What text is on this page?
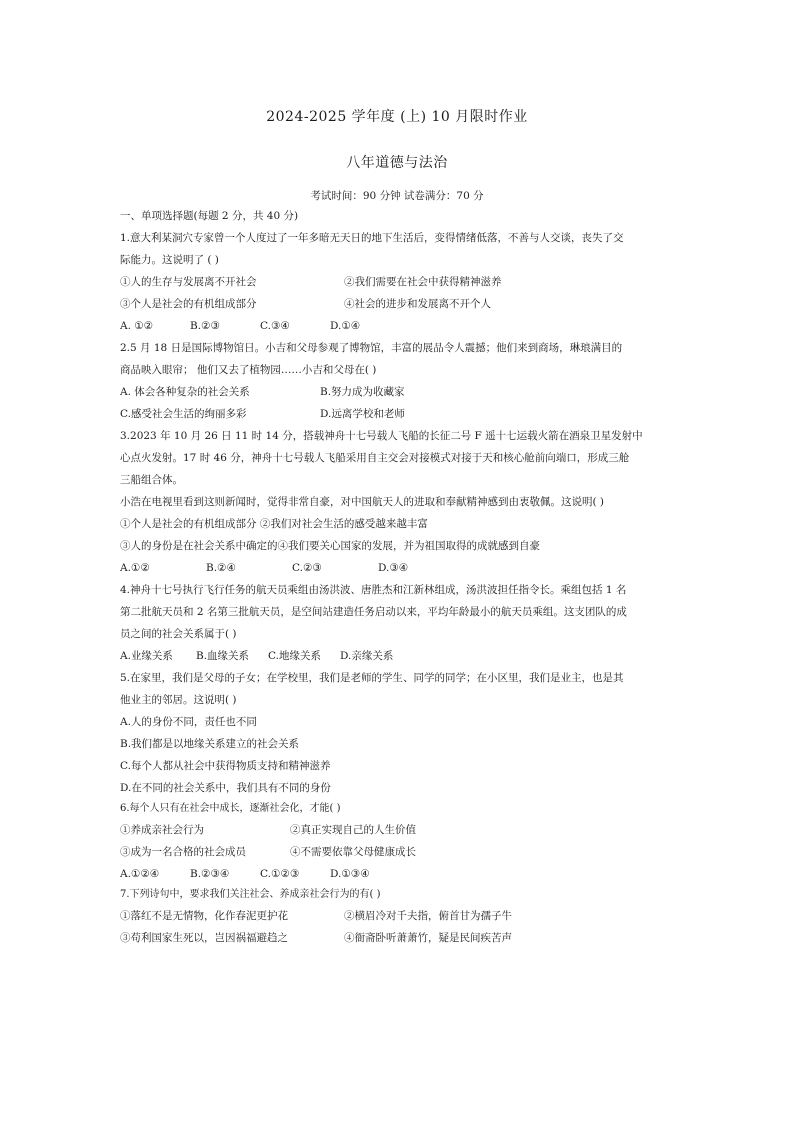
2024-2025 学年度 (上) 10 月限时作业
八年道德与法治
考试时间：90 分钟 试卷满分：70 分

一、单项选择题(每题 2 分，共 40 分)

1.意大利某洞穴专家曾一个人度过了一年多暗无天日的地下生活后，变得情绪低落，不善与人交谈，丧失了交

际能力。这说明了 ( )

①人的生存与发展离不开社会	②我们需要在社会中获得精神滋养

③个人是社会的有机组成部分	④社会的进步和发展离不开个人

A. ①②	B.②③	C.③④	D.①④

2.5 月 18 日是国际博物馆日。小吉和父母参观了博物馆，丰富的展品令人震撼；他们来到商场，琳琅满目的

商品映入眼帘； 他们又去了植物园……小吉和父母在( )

A. 体会各种复杂的社会关系	B.努力成为收藏家

C.感受社会生活的绚丽多彩	D.远离学校和老师

3.2023 年 10 月 26 日 11 时 14 分，搭载神舟十七号载人飞船的长征二号 F 遥十七运载火箭在酒泉卫星发射中

心点火发射。17 时 46 分，神舟十七号载人飞船采用自主交会对接模式对接于天和核心舱前向端口，形成三舱

三船组合体。

小浩在电视里看到这则新闻时，觉得非常自豪，对中国航天人的进取和奉献精神感到由衷敬佩。这说明( )

①个人是社会的有机组成部分 ②我们对社会生活的感受越来越丰富

③人的身份是在社会关系中确定的④我们要关心国家的发展，并为祖国取得的成就感到自豪

A.①②	B.②④	C.②③	D.③④

4.神舟十七号执行飞行任务的航天员乘组由汤洪波、唐胜杰和江新林组成，汤洪波担任指令长。乘组包括 1 名

第二批航天员和 2 名第三批航天员，是空间站建造任务启动以来，平均年龄最小的航天员乘组。这支团队的成

员之间的社会关系属于( )

A.业缘关系	B.血缘关系	C.地缘关系	D.亲缘关系

5.在家里，我们是父母的子女；在学校里，我们是老师的学生、同学的同学；在小区里，我们是业主，也是其

他业主的邻居。这说明( )

A.人的身份不同，责任也不同

B.我们都是以地缘关系建立的社会关系

C.每个人都从社会中获得物质支持和精神滋养

D.在不同的社会关系中，我们具有不同的身份

6.每个人只有在社会中成长，逐渐社会化，才能( )

①养成亲社会行为	②真正实现自己的人生价值

③成为一名合格的社会成员	④不需要依靠父母健康成长

A.①②④	B.②③④	C.①②③	D.①③④

7.下列诗句中，要求我们关注社会、养成亲社会行为的有( )

①落红不是无情物，化作春泥更护花	②横眉冷对千夫指，俯首甘为孺子牛

③苟利国家生死以，岂因祸福避趋之	④衙斋卧听萧萧竹，疑是民间疾苦声
